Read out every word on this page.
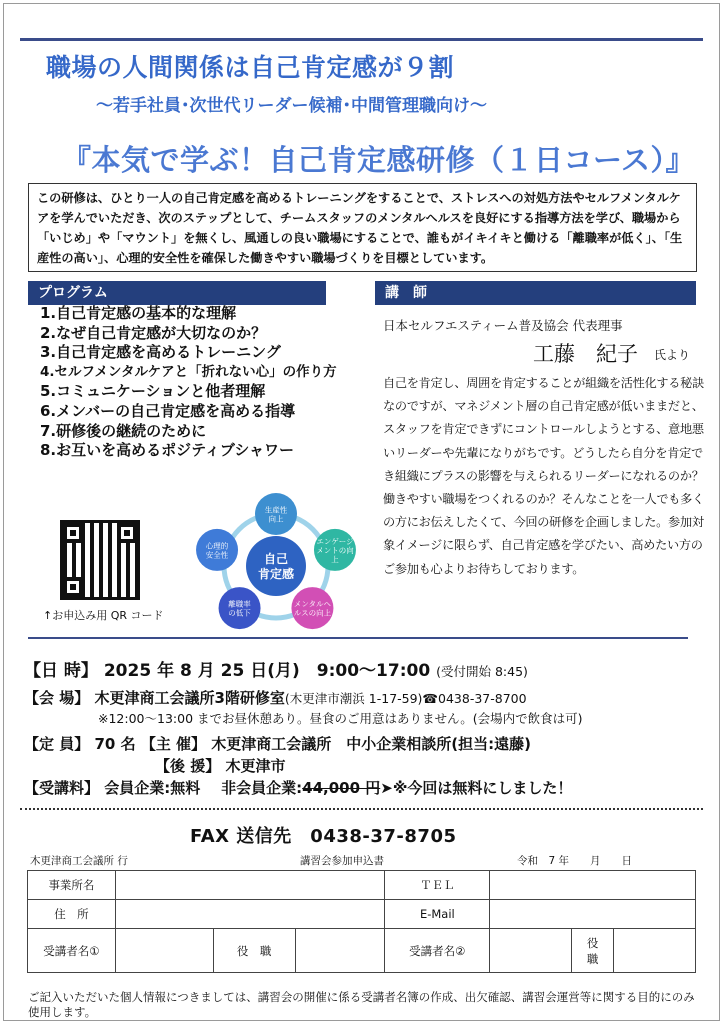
職場の人間関係は自己肯定感が９割
～若手社員･次世代リーダー候補･中間管理職向け～
『本気で学ぶ！自己肯定感研修（１日コース）』
この研修は、ひとり一人の自己肯定感を高めるトレーニングをすることで、ストレスへの対処方法やセルフメンタルケアを学んでいただき、次のステップとして、チームスタッフのメンタルヘルスを良好にする指導方法を学び、職場から「いじめ」や「マウント」を無くし、風通しの良い職場にすることで、誰もがイキイキと働ける「離職率が低く」、「生産性の高い」、心理的安全性を確保した働きやすい職場づくりを目標としています。
プログラム
1.自己肯定感の基本的な理解
2.なぜ自己肯定感が大切なのか？
3.自己肯定感を高めるトレーニング
4.セルフメンタルケアと「折れない心」の作り方
5.コミュニケーションと他者理解
6.メンバーの自己肯定感を高める指導
7.研修後の継続のために
8.お互いを高めるポジティブシャワー
↑お申込み用 QR コード
自己
肯定感
生産性
向上
エンゲージ
メントの向
上
メンタルヘ
ルスの向上
離職率
の低下
心理的
安全性
講　師
日本セルフエスティーム普及協会 代表理事
工藤　紀子 氏より
自己を肯定し、周囲を肯定することが組織を活性化する秘訣なのですが、マネジメント層の自己肯定感が低いままだと、スタッフを肯定できずにコントロールしようとする、意地悪いリーダーや先輩になりがちです。どうしたら自分を肯定でき組織にプラスの影響を与えられるリーダーになれるのか？働きやすい職場をつくれるのか？そんなことを一人でも多くの方にお伝えしたくて、今回の研修を企画しました。参加対象イメージに限らず、自己肯定感を学びたい、高めたい方のご参加も心よりお待ちしております。
【日 時】 2025 年 8 月 25 日(月)　9:00～17:00 (受付開始 8:45)
【会 場】 木更津商工会議所3階研修室(木更津市潮浜 1-17-59)☎0438-37-8700
※12:00～13:00 までお昼休憩あり。昼食のご用意はありません。(会場内で飲食は可)
【定 員】 70 名 【主 催】 木更津商工会議所　中小企業相談所(担当:遠藤)
【後 援】 木更津市
【受講料】 会員企業:無料 非会員企業:44,000 円➤※今回は無料にしました！
FAX 送信先　0438-37-8705
木更津商工会議所 行	講習会参加申込書	令和　7 年　　月　　日
事業所名				ＴＥＬ			
住　所				E-Mail			
受講者名①		役　職		受講者名②		役　職	
ご記入いただいた個人情報につきましては、講習会の開催に係る受講者名簿の作成、出欠確認、講習会運営等に関する目的にのみ使用します。
